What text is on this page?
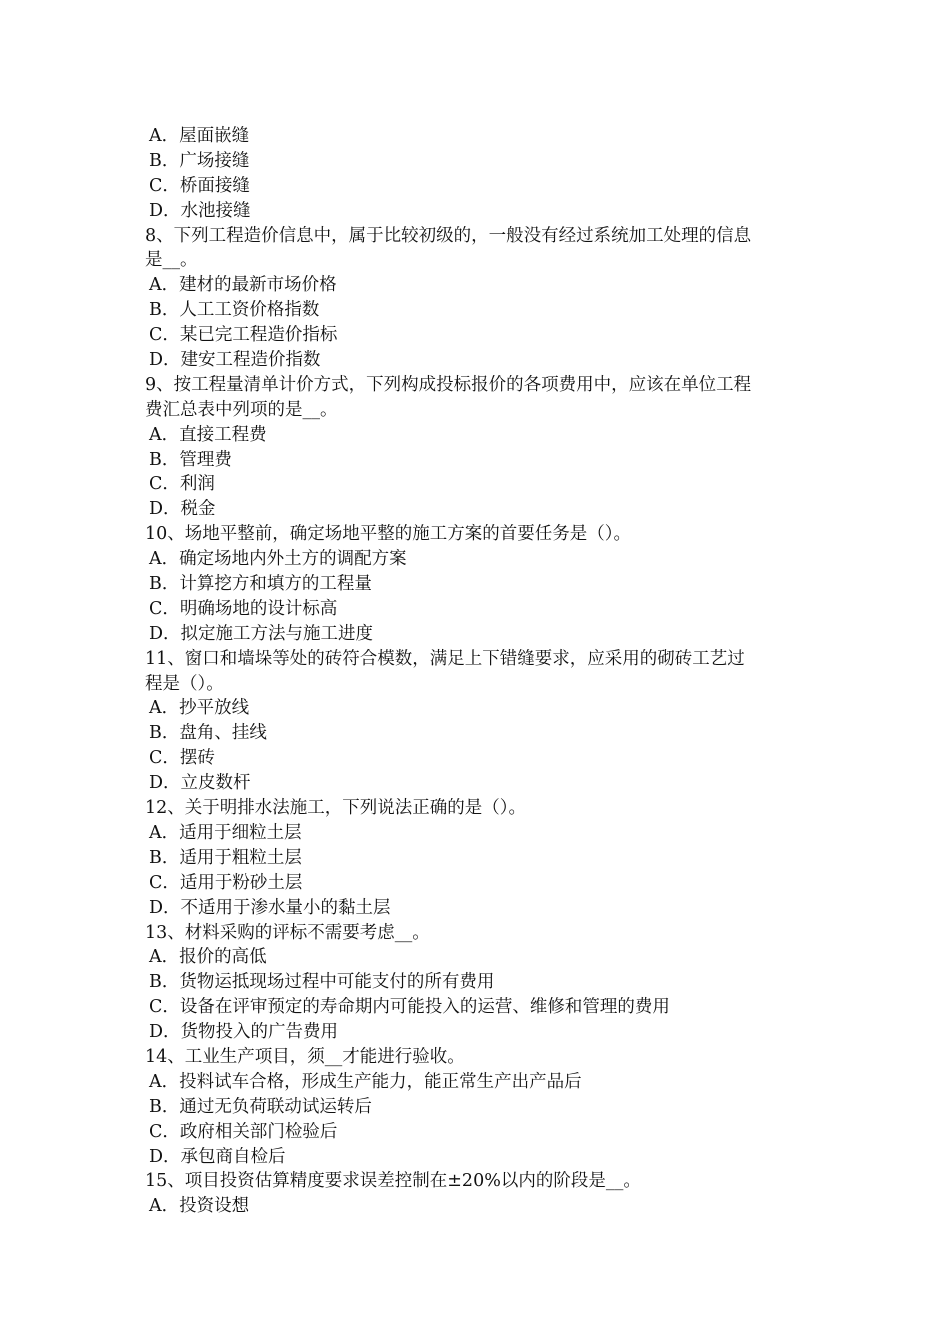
A．屋面嵌缝
B．广场接缝
C．桥面接缝
D．水池接缝
8、下列工程造价信息中，属于比较初级的，一般没有经过系统加工处理的信息
是__。
A．建材的最新市场价格
B．人工工资价格指数
C．某已完工程造价指标
D．建安工程造价指数
9、按工程量清单计价方式，下列构成投标报价的各项费用中，应该在单位工程
费汇总表中列项的是__。
A．直接工程费
B．管理费
C．利润
D．税金
10、场地平整前，确定场地平整的施工方案的首要任务是（）。
A．确定场地内外土方的调配方案
B．计算挖方和填方的工程量
C．明确场地的设计标高
D．拟定施工方法与施工进度
11、窗口和墙垛等处的砖符合模数，满足上下错缝要求，应采用的砌砖工艺过
程是（）。
A．抄平放线
B．盘角、挂线
C．摆砖
D．立皮数杆
12、关于明排水法施工，下列说法正确的是（）。
A．适用于细粒土层
B．适用于粗粒土层
C．适用于粉砂土层
D．不适用于渗水量小的黏土层
13、材料采购的评标不需要考虑__。
A．报价的高低
B．货物运抵现场过程中可能支付的所有费用
C．设备在评审预定的寿命期内可能投入的运营、维修和管理的费用
D．货物投入的广告费用
14、工业生产项目，须__才能进行验收。
A．投料试车合格，形成生产能力，能正常生产出产品后
B．通过无负荷联动试运转后
C．政府相关部门检验后
D．承包商自检后
15、项目投资估算精度要求误差控制在±20%以内的阶段是__。
A．投资设想
